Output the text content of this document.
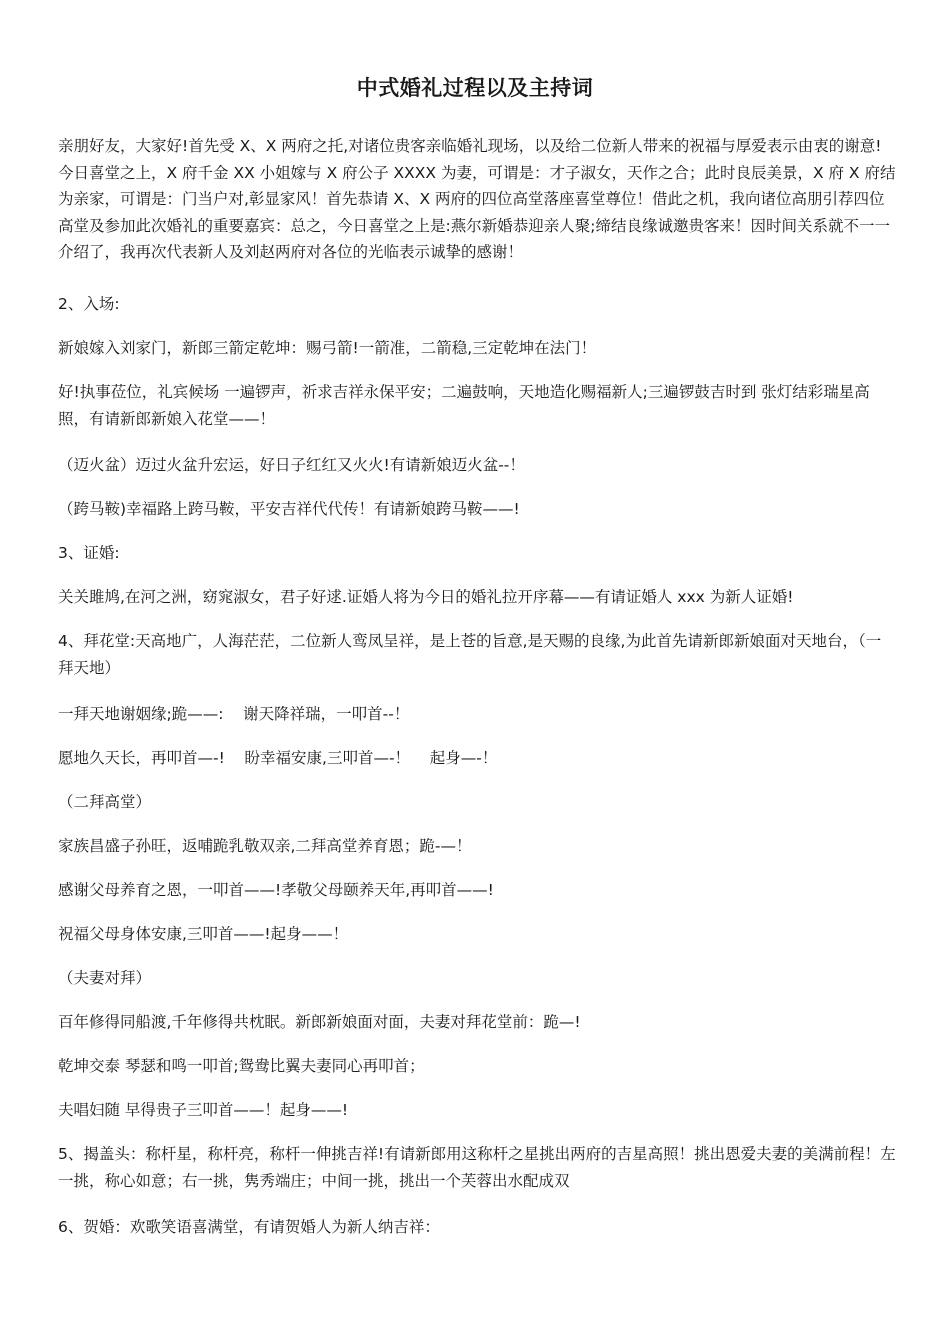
中式婚礼过程以及主持词

亲朋好友，大家好!首先受 X、X 两府之托,对诸位贵客亲临婚礼现场，以及给二位新人带来的祝福与厚爱表示由衷的谢意!今日喜堂之上，X 府千金 XX 小姐嫁与 X 府公子 XXXX 为妻，可谓是：才子淑女，天作之合；此时良辰美景，X 府 X 府结为亲家，可谓是：门当户对,彰显家风！首先恭请 X、X 两府的四位高堂落座喜堂尊位！借此之机，我向诸位高朋引荐四位高堂及参加此次婚礼的重要嘉宾：总之，今日喜堂之上是:燕尔新婚恭迎亲人聚;缔结良缘诚邀贵客来！因时间关系就不一一介绍了，我再次代表新人及刘赵两府对各位的光临表示诚挚的感谢！

2、入场:

新娘嫁入刘家门，新郎三箭定乾坤：赐弓箭!一箭准，二箭稳,三定乾坤在法门！

好!执事莅位，礼宾候场 一遍锣声，祈求吉祥永保平安；二遍鼓响，天地造化赐福新人;三遍锣鼓吉时到 张灯结彩瑞星高照，有请新郎新娘入花堂——！

（迈火盆）迈过火盆升宏运，好日子红红又火火!有请新娘迈火盆--！

（跨马鞍)幸福路上跨马鞍，平安吉祥代代传！有请新娘跨马鞍——!

3、证婚:

关关雎鸠,在河之洲，窈窕淑女，君子好逑.证婚人将为今日的婚礼拉开序幕——有请证婚人 xxx 为新人证婚!

4、拜花堂:天高地广，人海茫茫，二位新人鸾凤呈祥，是上苍的旨意,是天赐的良缘,为此首先请新郎新娘面对天地台，（一拜天地）

一拜天地谢姻缘;跪——:    谢天降祥瑞，一叩首--！

愿地久天长，再叩首—-!    盼幸福安康,三叩首—-！    起身—-！

（二拜高堂）

家族昌盛子孙旺，返哺跪乳敬双亲,二拜高堂养育恩；跪-—！

感谢父母养育之恩，一叩首——!孝敬父母颐养天年,再叩首——!

祝福父母身体安康,三叩首——!起身——！

（夫妻对拜）

百年修得同船渡,千年修得共枕眠。新郎新娘面对面，夫妻对拜花堂前：跪—!

乾坤交泰 琴瑟和鸣一叩首;鸳鸯比翼夫妻同心再叩首；

夫唱妇随 早得贵子三叩首——！起身——!

5、揭盖头：称杆星，称杆亮，称杆一伸挑吉祥!有请新郎用这称杆之星挑出两府的吉星高照！挑出恩爱夫妻的美满前程！左一挑，称心如意；右一挑，隽秀端庄；中间一挑，挑出一个芙蓉出水配成双

6、贺婚：欢歌笑语喜满堂，有请贺婚人为新人纳吉祥：
